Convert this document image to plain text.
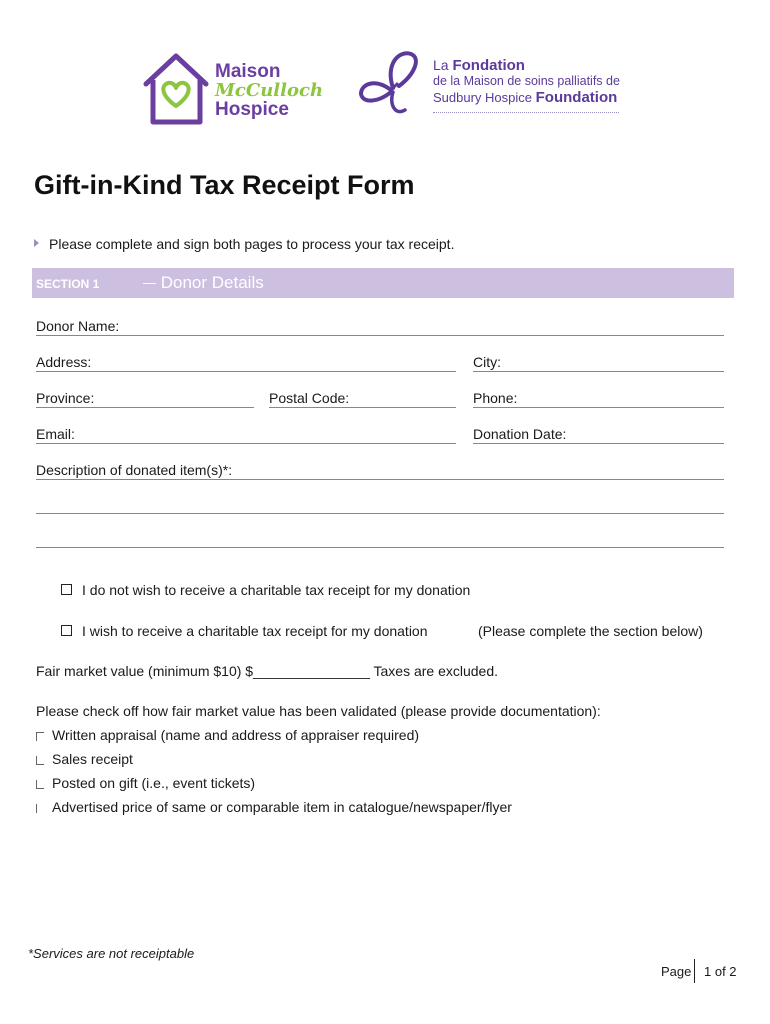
Maison
McCulloch
Hospice
La Fondation
de la Maison de soins palliatifs de
Sudbury Hospice Foundation
Gift-in-Kind Tax Receipt Form
Please complete and sign both pages to process your tax receipt.
SECTION 1	— Donor Details
Donor Name:
Address:	City:
Province:	Postal Code:	Phone:
Email:	Donation Date:
Description of donated item(s)*:
I do not wish to receive a charitable tax receipt for my donation
I wish to receive a charitable tax receipt for my donation	(Please complete the section below)
Fair market value (minimum $10) $_______________ Taxes are excluded.
Please check off how fair market value has been validated (please provide documentation):
Written appraisal (name and address of appraiser required)
Sales receipt
Posted on gift (i.e., event tickets)
Advertised price of same or comparable item in catalogue/newspaper/flyer
*Services are not receiptable
Page 1 of 2
